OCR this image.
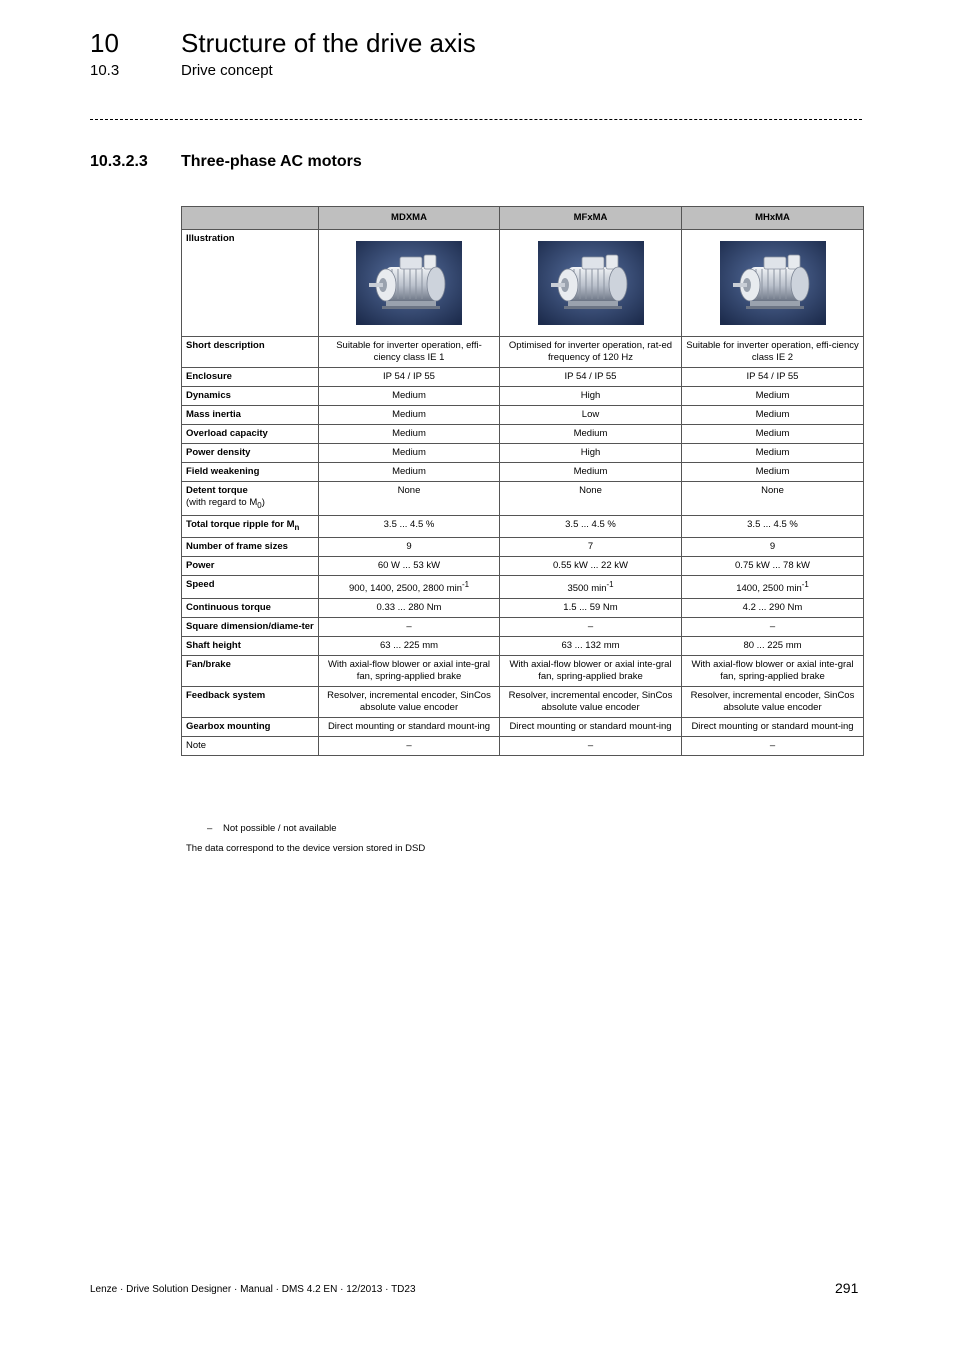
10 Structure of the drive axis
10.3	Drive concept
10.3.2.3 Three-phase AC motors
	MDXMA	MFxMA	MHxMA
Illustration	

Short description	Suitable for inverter operation, effi-ciency class IE 1	Optimised for inverter operation, rat-ed frequency of 120 Hz	Suitable for inverter operation, effi-ciency class IE 2
Enclosure	IP 54 / IP 55	IP 54 / IP 55	IP 54 / IP 55
Dynamics	Medium	High	Medium
Mass inertia	Medium	Low	Medium
Overload capacity	Medium	Medium	Medium
Power density	Medium	High	Medium
Field weakening	Medium	Medium	Medium
Detent torque
(with regard to $M_0$)	None	None	None
Total torque ripple for $M_n$	3.5 ... 4.5 %	3.5 ... 4.5 %	3.5 ... 4.5 %
Number of frame sizes	9	7	9
Power	60 W ... 53 kW	0.55 kW ... 22 kW	0.75 kW ... 78 kW
Speed	900, 1400, 2500, 2800 $\min^{-1}$	3500 $\min^{-1}$	1400, 2500 $\min^{-1}$
Continuous torque	0.33 ... 280 Nm	1.5 ... 59 Nm	4.2 ... 290 Nm
Square dimension/diame-ter	–	–	–
Shaft height	63 ... 225 mm	63 ... 132 mm	80 ... 225 mm
Fan/brake	With axial-flow blower or axial inte-gral fan, spring-applied brake	With axial-flow blower or axial inte-gral fan, spring-applied brake	With axial-flow blower or axial inte-gral fan, spring-applied brake
Feedback system	Resolver, incremental encoder, SinCos absolute value encoder	Resolver, incremental encoder, SinCos absolute value encoder	Resolver, incremental encoder, SinCos absolute value encoder
Gearbox mounting	Direct mounting or standard mount-ing	Direct mounting or standard mount-ing	Direct mounting or standard mount-ing
Note	–	–	–
– Not possible / not available
The data correspond to the device version stored in DSD
Lenze · Drive Solution Designer · Manual · DMS 4.2 EN · 12/2013 · TD23	291
